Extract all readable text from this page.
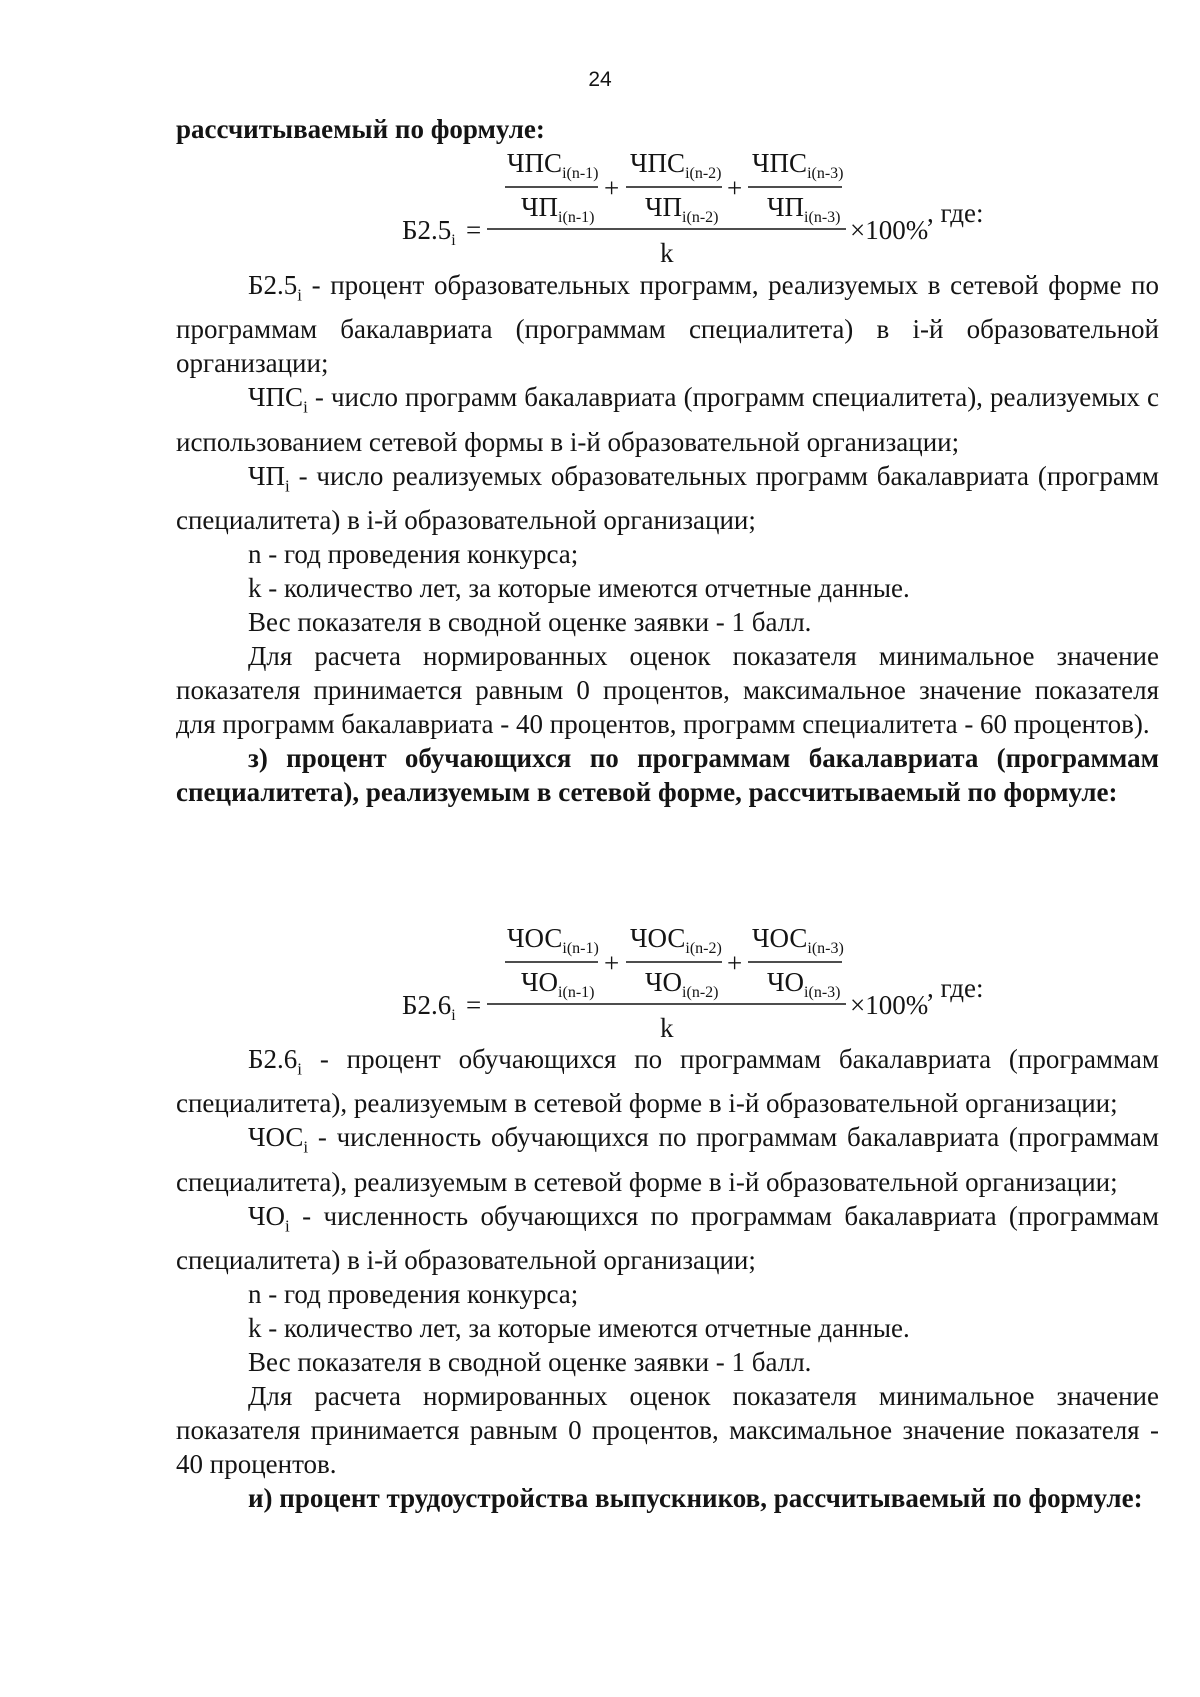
24
рассчитываемый по формуле:
$ЧПС_{i(n-1)}$
$ЧП_{i(n-1)}$
+
$ЧПС_{i(n-2)}$
$ЧП_{i(n-2)}$
+
$ЧПС_{i(n-3)}$
$ЧП_{i(n-3)}$
k
$Б2.5_i$ =	×100%
, где:

$Б2.5_i$ - процент образовательных программ, реализуемых в сетевой форме по программам бакалавриата (программам специалитета) в i-й образовательной организации;

$ЧПС_i$ - число программ бакалавриата (программ специалитета), реализуемых с использованием сетевой формы в i-й образовательной организации;

$ЧП_i$ - число реализуемых образовательных программ бакалавриата (программ специалитета) в i-й образовательной организации;

n - год проведения конкурса;

k - количество лет, за которые имеются отчетные данные.

Вес показателя в сводной оценке заявки - 1 балл.

Для расчета нормированных оценок показателя минимальное значение показателя принимается равным 0 процентов, максимальное значение показателя для программ бакалавриата - 40 процентов, программ специалитета - 60 процентов).

з) процент обучающихся по программам бакалавриата (программам специалитета), реализуемым в сетевой форме, рассчитываемый по формуле:

$ЧОС_{i(n-1)}$
$ЧО_{i(n-1)}$
+
$ЧОС_{i(n-2)}$
$ЧО_{i(n-2)}$
+
$ЧОС_{i(n-3)}$
$ЧО_{i(n-3)}$
k
$Б2.6_i$ =	×100%
, где:

$Б2.6_i$ - процент обучающихся по программам бакалавриата (программам специалитета), реализуемым в сетевой форме в i-й образовательной организации;

$ЧОС_i$ - численность обучающихся по программам бакалавриата (программам специалитета), реализуемым в сетевой форме в i-й образовательной организации;

$ЧО_i$ - численность обучающихся по программам бакалавриата (программам специалитета) в i-й образовательной организации;

n - год проведения конкурса;

k - количество лет, за которые имеются отчетные данные.

Вес показателя в сводной оценке заявки - 1 балл.

Для расчета нормированных оценок показателя минимальное значение показателя принимается равным 0 процентов, максимальное значение показателя - 40 процентов.

и) процент трудоустройства выпускников, рассчитываемый по формуле:
